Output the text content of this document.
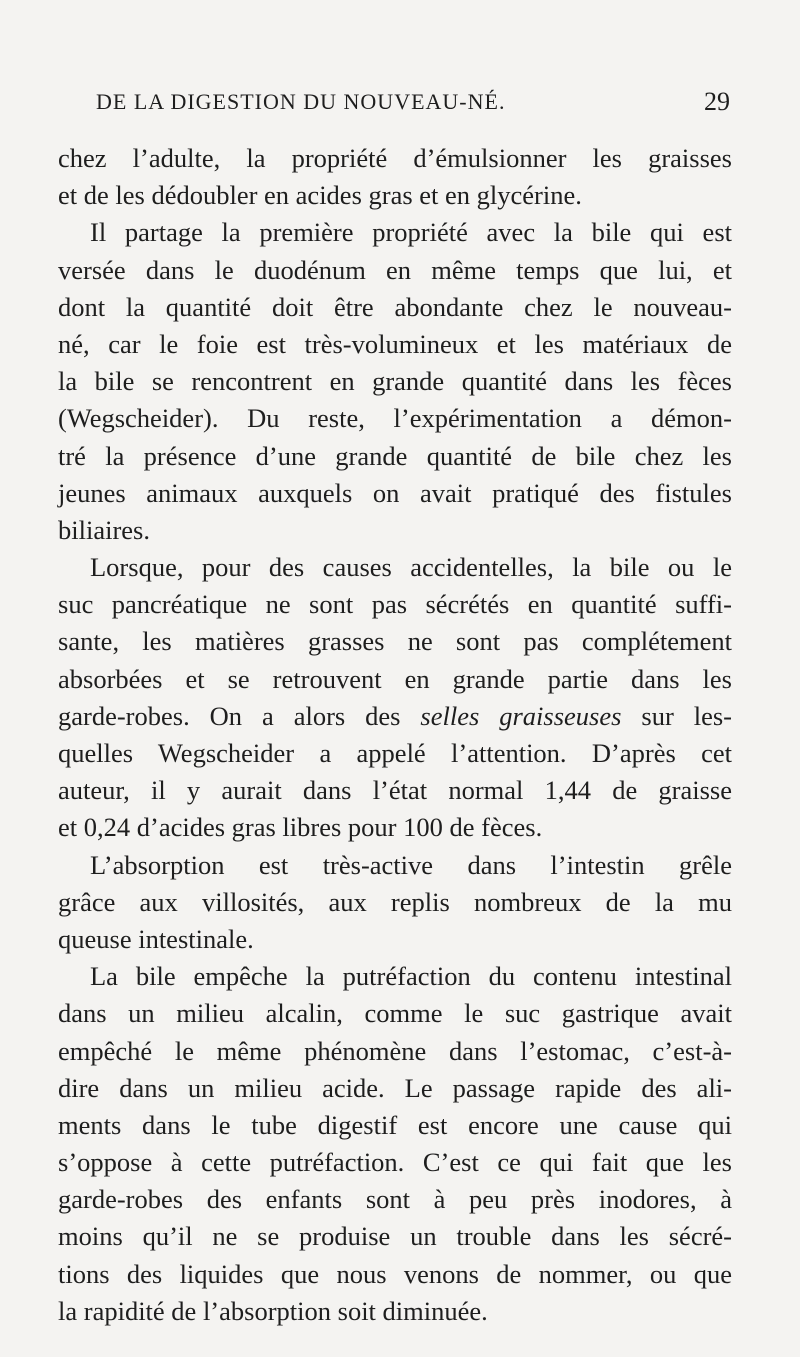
DE LA DIGESTION DU NOUVEAU-NÉ.	29
chez l’adulte, la propriété d’émulsionner les graisses
et de les dédoubler en acides gras et en glycérine.
Il partage la première propriété avec la bile qui est
versée dans le duodénum en même temps que lui, et
dont la quantité doit être abondante chez le nouveau-
né, car le foie est très-volumineux et les matériaux de
la bile se rencontrent en grande quantité dans les fèces
(Wegscheider). Du reste, l’expérimentation a démon-
tré la présence d’une grande quantité de bile chez les
jeunes animaux auxquels on avait pratiqué des fistules
biliaires.
Lorsque, pour des causes accidentelles, la bile ou le
suc pancréatique ne sont pas sécrétés en quantité suffi-
sante, les matières grasses ne sont pas complétement
absorbées et se retrouvent en grande partie dans les
garde-robes. On a alors des selles graisseuses sur les-
quelles Wegscheider a appelé l’attention. D’après cet
auteur, il y aurait dans l’état normal 1,44 de graisse
et 0,24 d’acides gras libres pour 100 de fèces.
L’absorption est très-active dans l’intestin grêle
grâce aux villosités, aux replis nombreux de la mu
queuse intestinale.
La bile empêche la putréfaction du contenu intestinal
dans un milieu alcalin, comme le suc gastrique avait
empêché le même phénomène dans l’estomac, c’est-à-
dire dans un milieu acide. Le passage rapide des ali-
ments dans le tube digestif est encore une cause qui
s’oppose à cette putréfaction. C’est ce qui fait que les
garde-robes des enfants sont à peu près inodores, à
moins qu’il ne se produise un trouble dans les sécré-
tions des liquides que nous venons de nommer, ou que
la rapidité de l’absorption soit diminuée.
